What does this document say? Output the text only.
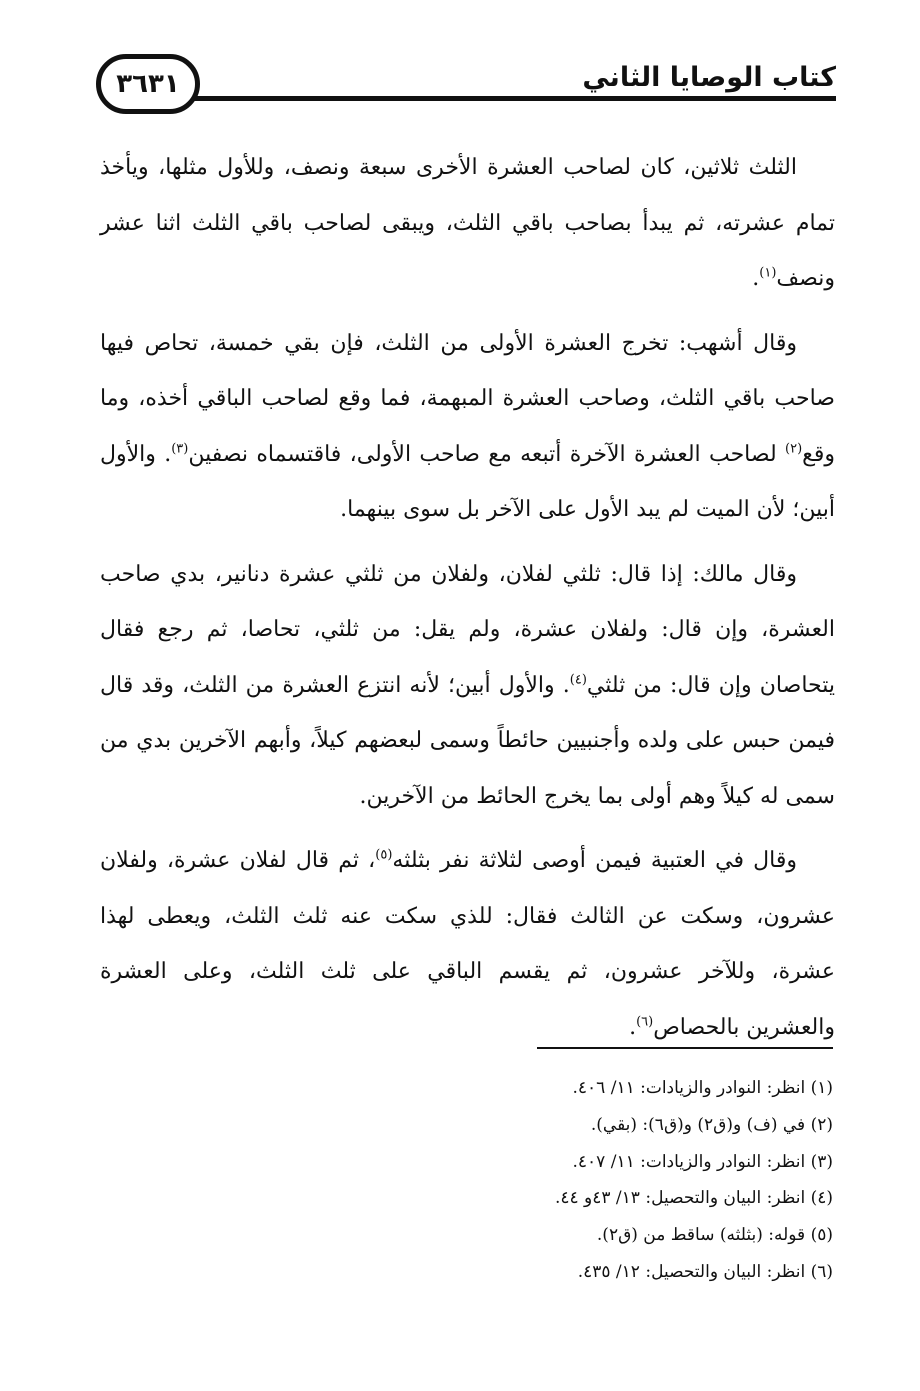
٣٦٣١	كتاب الوصايا الثاني

الثلث ثلاثين، كان لصاحب العشرة الأخرى سبعة ونصف، وللأول مثلها، ويأخذ تمام عشرته، ثم يبدأ بصاحب باقي الثلث، ويبقى لصاحب باقي الثلث اثنا عشر ونصف$^{(١)}$.

وقال أشهب: تخرج العشرة الأولى من الثلث، فإن بقي خمسة، تحاص فيها صاحب باقي الثلث، وصاحب العشرة المبهمة، فما وقع لصاحب الباقي أخذه، وما وقع$^{(٢)}$ لصاحب العشرة الآخرة أتبعه مع صاحب الأولى، فاقتسماه نصفين$^{(٣)}$. والأول أبين؛ لأن الميت لم يبد الأول على الآخر بل سوى بينهما.

وقال مالك: إذا قال: ثلثي لفلان، ولفلان من ثلثي عشرة دنانير، بدي صاحب العشرة، وإن قال: ولفلان عشرة، ولم يقل: من ثلثي، تحاصا، ثم رجع فقال يتحاصان وإن قال: من ثلثي$^{(٤)}$. والأول أبين؛ لأنه انتزع العشرة من الثلث، وقد قال فيمن حبس على ولده وأجنبيين حائطاً وسمى لبعضهم كيلاً، وأبهم الآخرين بدي من سمى له كيلاً وهم أولى بما يخرج الحائط من الآخرين.

وقال في العتبية فيمن أوصى لثلاثة نفر بثلثه$^{(٥)}$، ثم قال لفلان عشرة، ولفلان عشرون، وسكت عن الثالث فقال: للذي سكت عنه ثلث الثلث، ويعطى لهذا عشرة، وللآخر عشرون، ثم يقسم الباقي على ثلث الثلث، وعلى العشرة والعشرين بالحصاص$^{(٦)}$.

(١) انظر: النوادر والزيادات: ١١/ ٤٠٦.
(٢) في (ف) و(ق٢) و(ق٦): (بقي).
(٣) انظر: النوادر والزيادات: ١١/ ٤٠٧.
(٤) انظر: البيان والتحصيل: ١٣/ ٤٣و ٤٤.
(٥) قوله: (بثلثه) ساقط من (ق٢).
(٦) انظر: البيان والتحصيل: ١٢/ ٤٣٥.
